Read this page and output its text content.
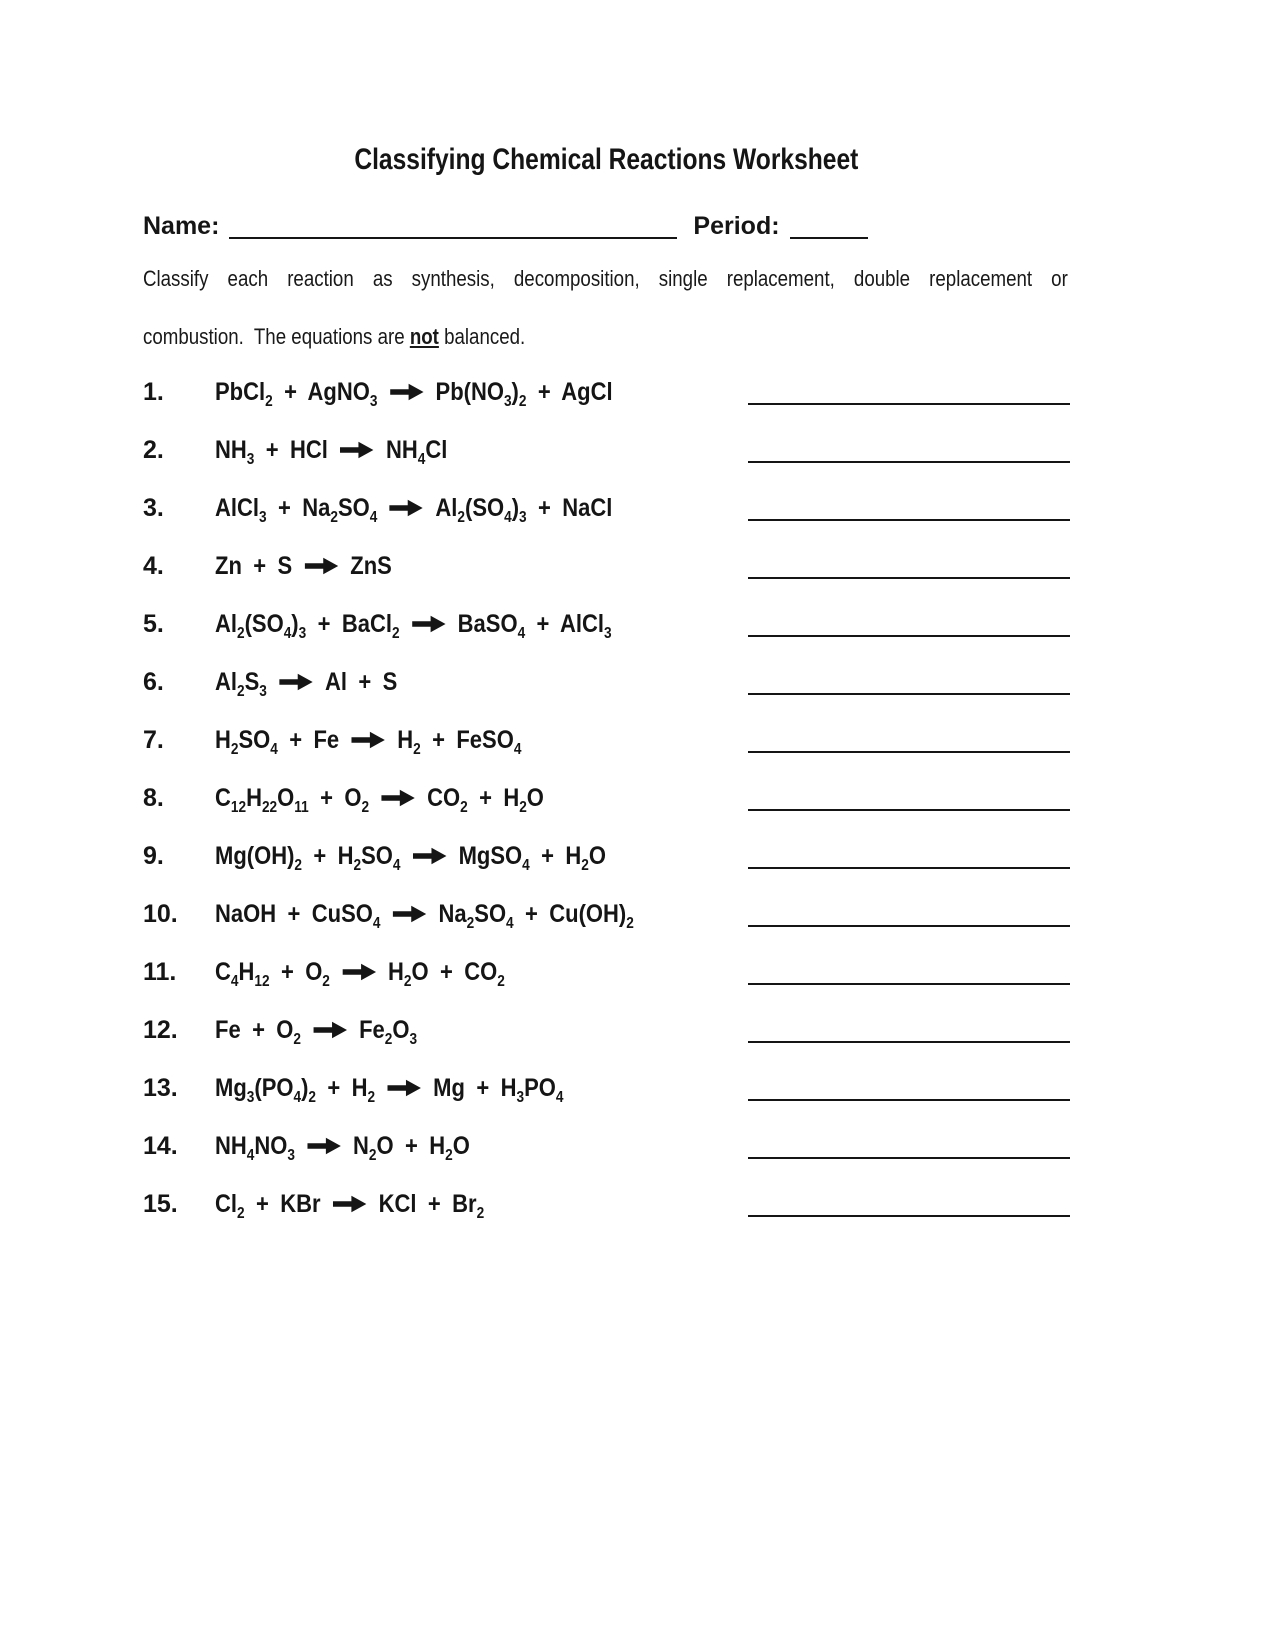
Classifying Chemical Reactions Worksheet
Name:	Period:
Classify each reaction as synthesis, decomposition, single replacement, double replacement or
combustion.  The equations are not balanced.
1.	PbCl$_2$ + AgNO$_3$ → $Pb(NO_3)_2$ + AgCl
2.	$NH_3$ + HCl → $NH_4Cl$
3.	AlCl$_3$ + $Na_2SO_4 \to Al_2(SO_4)_3$ + NaCl
4.	Zn + S → ZnS
5.	$Al_2(SO_4)_3$ + BaCl$_2$ → BaSO$_4$ + AlCl$_3$
6.	$Al_2S_3 \to Al + S$
7.	$H_2SO_4 + Fe \to H_2$ + FeSO$_4$
8.	$C_{12}H_{22}O_{11} + O_2 \to CO_2 + H_2O$
9.	$Mg(OH)_2 + H_2SO_4$ → MgSO$_4$ + $H_2O$
10.	NaOH + CuSO$_4$ → $Na_2SO_4 + Cu(OH)_2$
11.	$C_4H_{12} + O_2 \to H_2O + CO_2$
12.	$Fe + O_2 \to Fe_2O_3$
13.	$Mg_3(PO_4)_2 + H_2 \to Mg + H_3PO_4$
14.	$NH_4NO_3 \to N_2O + H_2O$
15.	$Cl_2$ + KBr → KCl + $Br_2$
